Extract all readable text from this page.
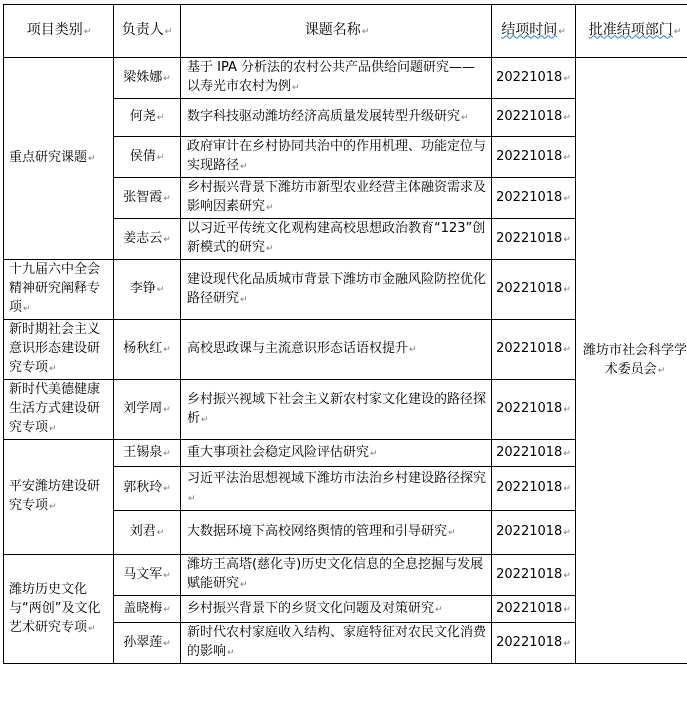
项目类别↵	负责人↵	课题名称↵	结项时间↵	批准结项部门↵
重点研究课题↵	梁姝娜↵	基于 IPA 分析法的农村公共产品供给问题研究——以寿光市农村为例↵	20221018↵	潍坊市社会科学学术委员会↵
	何尧↵	数字科技驱动潍坊经济高质量发展转型升级研究↵	20221018↵	
	侯倩↵	政府审计在乡村协同共治中的作用机理、功能定位与实现路径↵	20221018↵	
	张智霞↵	乡村振兴背景下潍坊市新型农业经营主体融资需求及影响因素研究↵	20221018↵	
	姜志云↵	以习近平传统文化观构建高校思想政治教育“123”创新模式的研究↵	20221018↵	
十九届六中全会精神研究阐释专项↵	李铮↵	建设现代化品质城市背景下潍坊市金融风险防控优化路径研究↵	20221018↵	
新时期社会主义意识形态建设研究专项↵	杨秋红↵	高校思政课与主流意识形态话语权提升↵	20221018↵	
新时代美德健康生活方式建设研究专项↵	刘学周↵	乡村振兴视域下社会主义新农村家文化建设的路径探析↵	20221018↵	
平安潍坊建设研究专项↵	王锡泉↵	重大事项社会稳定风险评估研究↵	20221018↵	
	郭秋玲↵	习近平法治思想视域下潍坊市法治乡村建设路径探究↵	20221018↵	
	刘君↵	大数据环境下高校网络舆情的管理和引导研究↵	20221018↵	
潍坊历史文化与“两创”及文化艺术研究专项↵	马文军↵	潍坊王高塔(慈化寺)历史文化信息的全息挖掘与发展赋能研究↵	20221018↵	
	盖晓梅↵	乡村振兴背景下的乡贤文化问题及对策研究↵	20221018↵	
	孙翠莲↵	新时代农村家庭收入结构、家庭特征对农民文化消费的影响↵	20221018↵	
